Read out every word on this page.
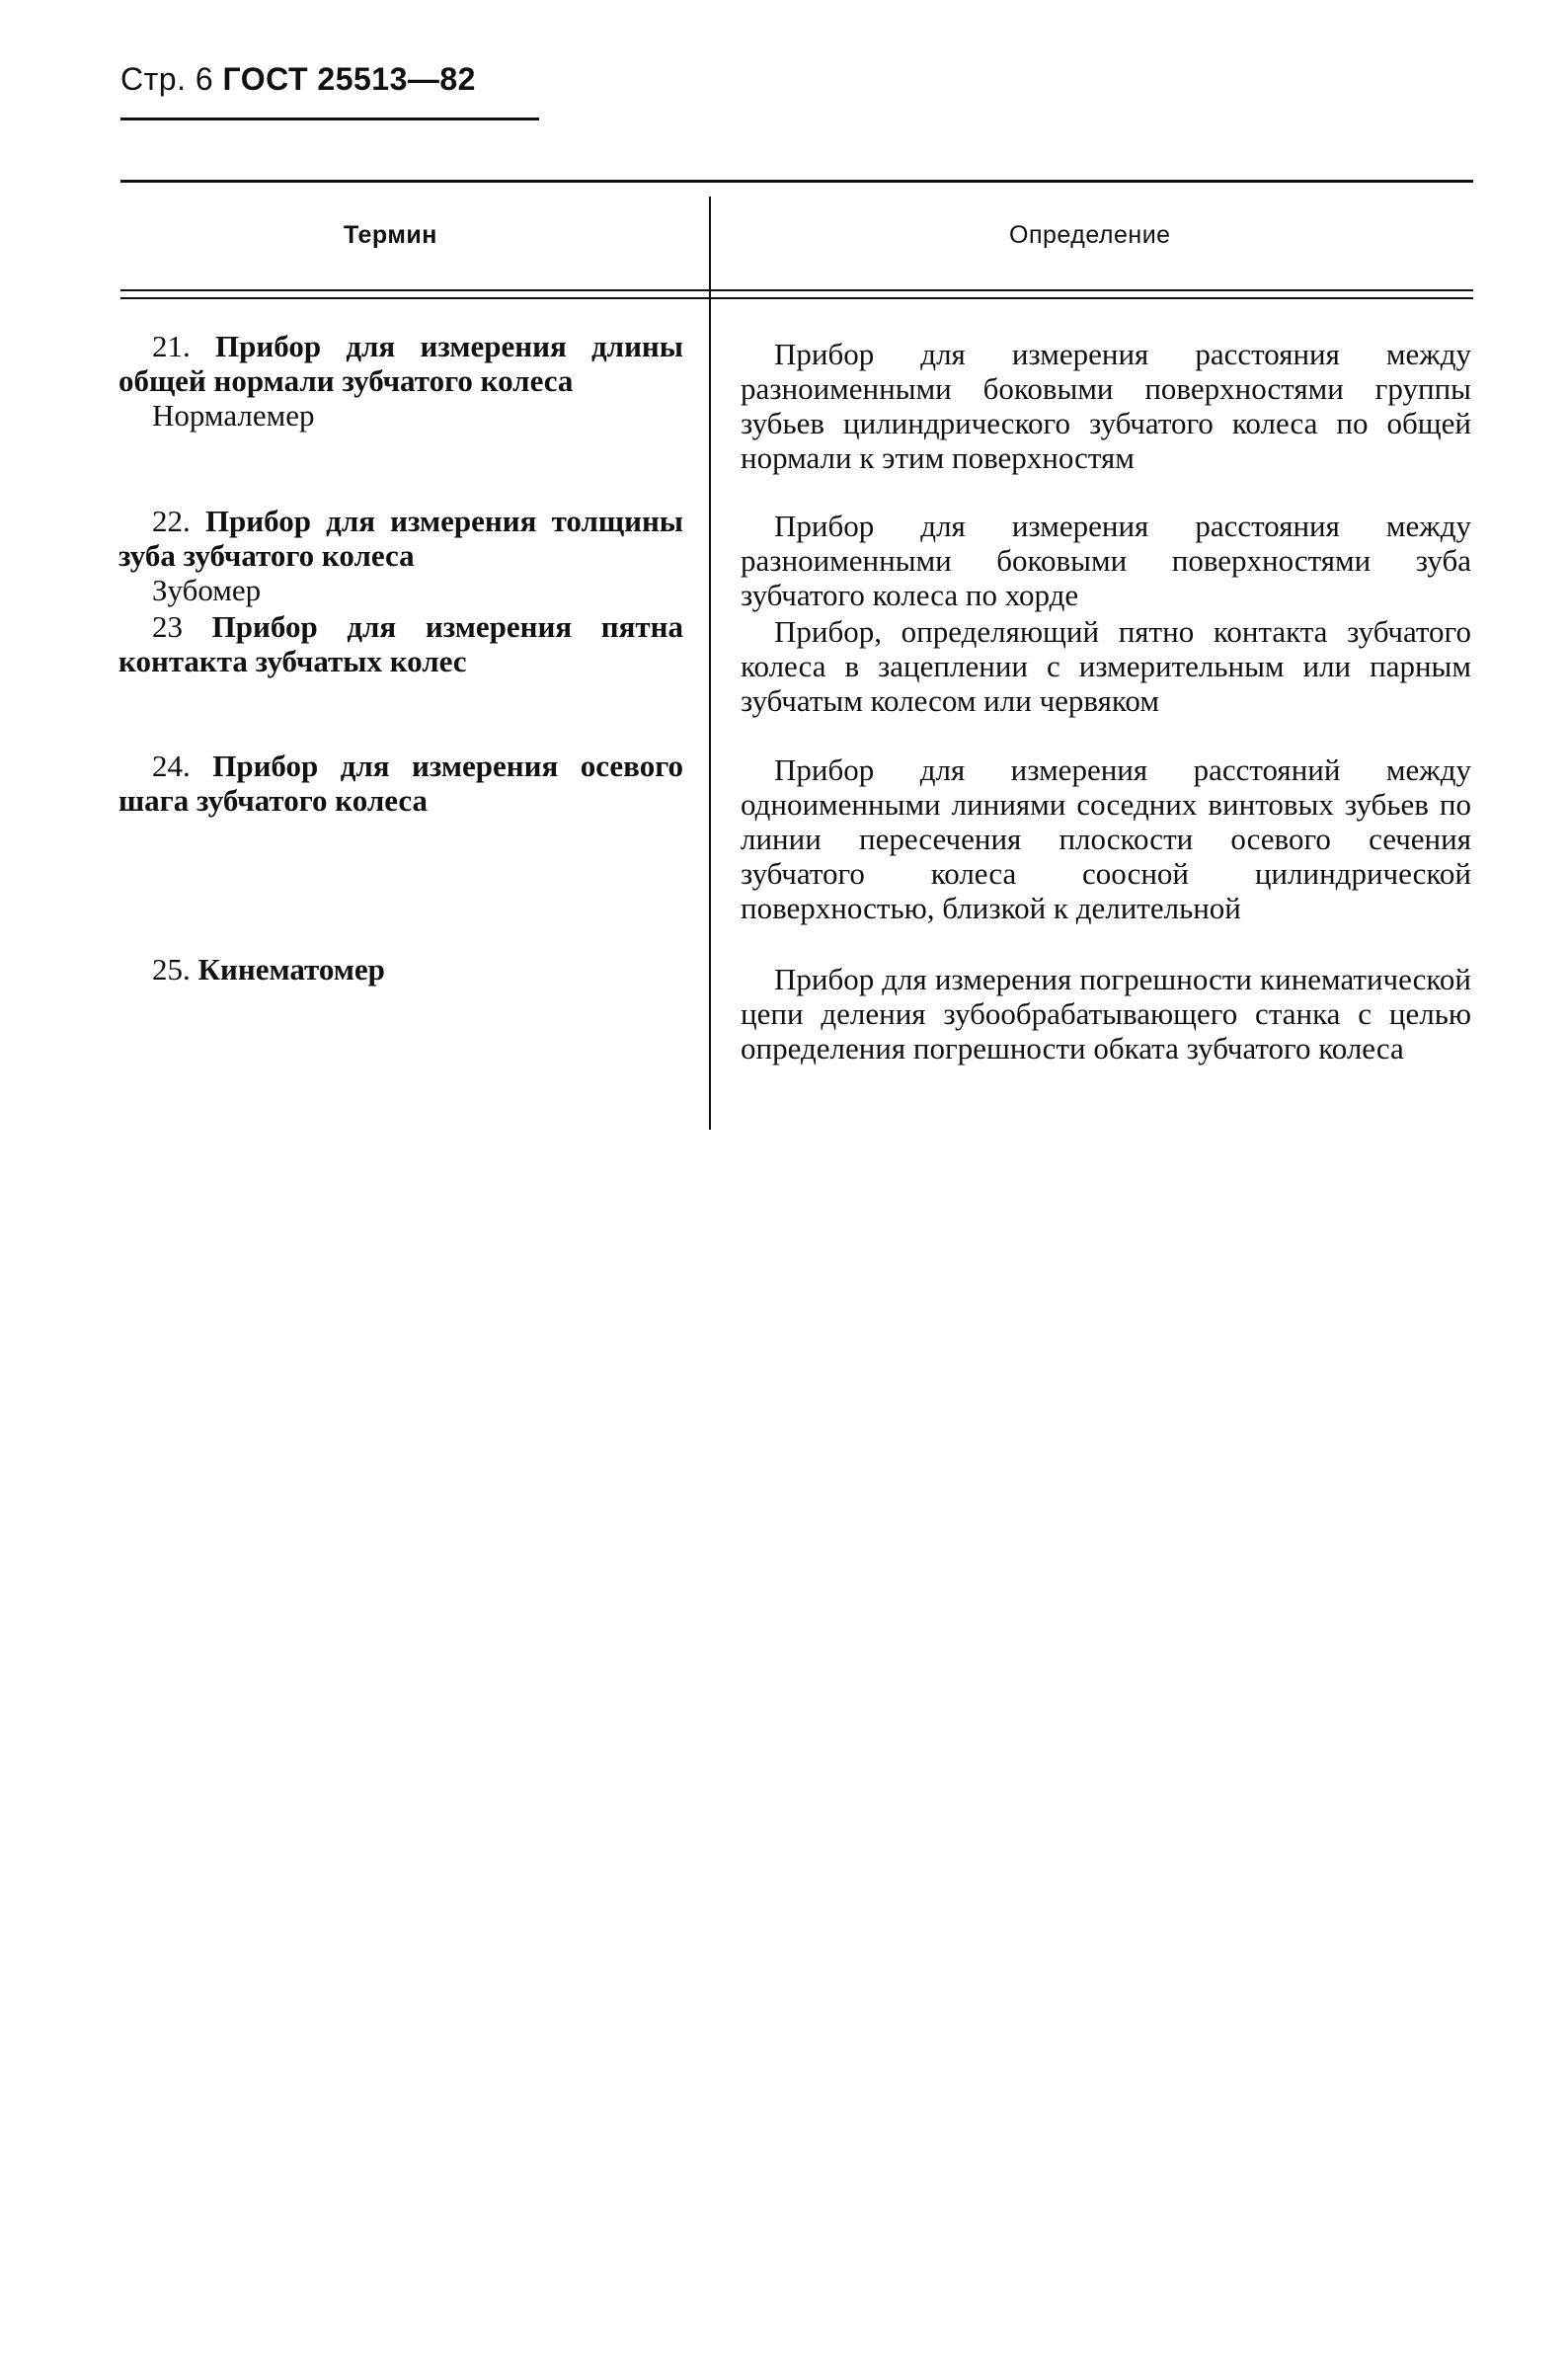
Стр. 6 ГОСТ 25513—82
Термин	Определение
21. Прибор для измерения длины общей нормали зубчатого колеса
Нормалемер
Прибор для измерения расстояния между разноименными боковыми поверхностями группы зубьев цилиндрического зубчатого колеса по общей нормали к этим поверхностям
22. Прибор для измерения толщины зуба зубчатого колеса
Зубомер
Прибор для измерения расстояния между разноименными боковыми поверхностями зуба зубчатого колеса по хорде
23 Прибор для измерения пятна контакта зубчатых колес
Прибор, определяющий пятно контакта зубчатого колеса в зацеплении с измерительным или парным зубчатым колесом или червяком
24. Прибор для измерения осевого шага зубчатого колеса
Прибор для измерения расстояний между одноименными линиями соседних винтовых зубьев по линии пересечения плоскости осевого сечения зубчатого колеса соосной цилиндрической поверхностью, близкой к делительной
25. Кинематомер	Прибор для измерения погрешности кинематической цепи деления зубообрабатывающего станка с целью определения погрешности обката зубчатого колеса
